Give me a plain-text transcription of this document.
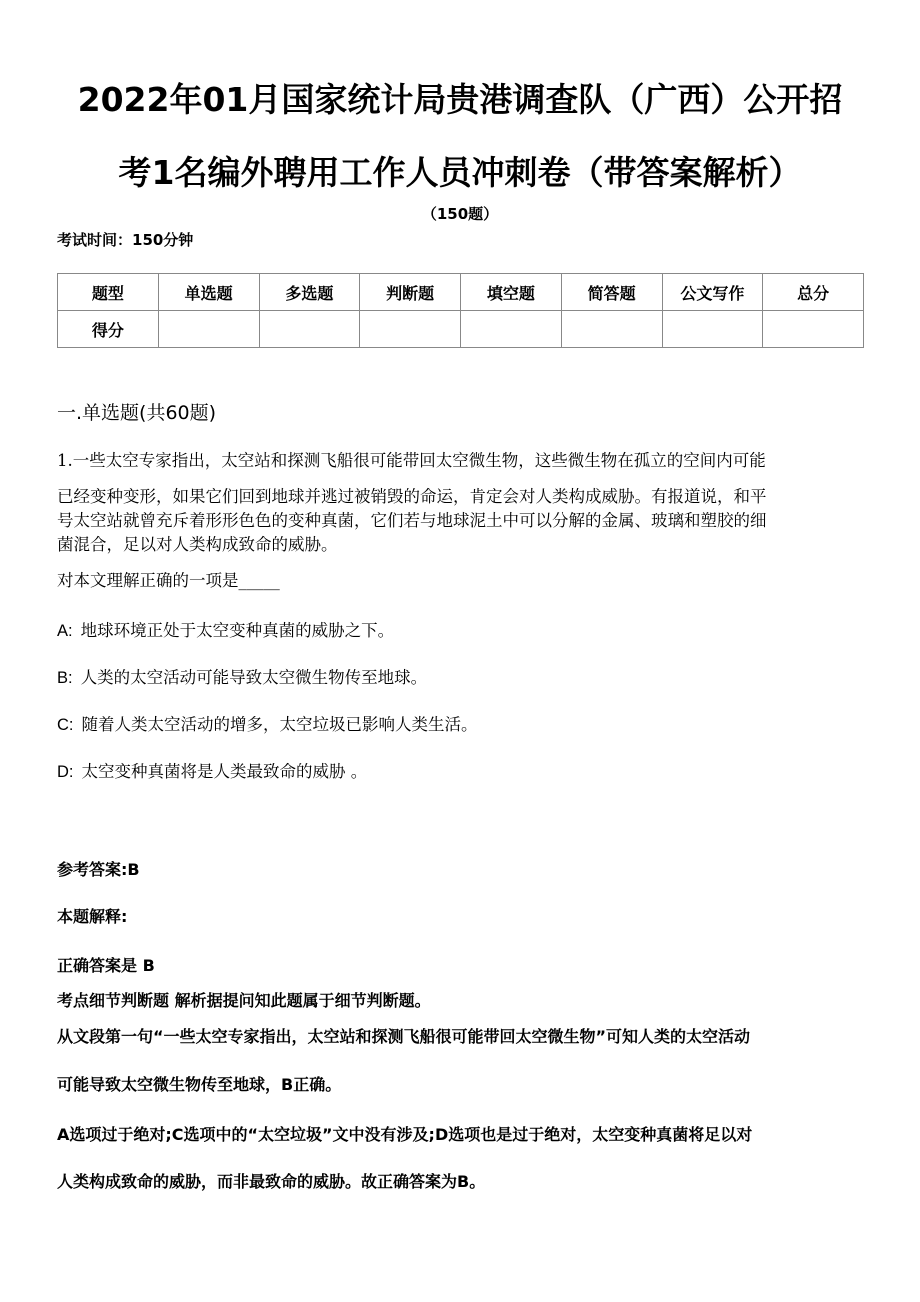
2022年01月国家统计局贵港调查队（广西）公开招
考1名编外聘用工作人员冲刺卷（带答案解析）
（150题）
考试时间：150分钟
题型	单选题	多选题	判断题	填空题	简答题	公文写作	总分
得分							
一.单选题(共60题)
1.一些太空专家指出，太空站和探测飞船很可能带回太空微生物，这些微生物在孤立的空间内可能
已经变种变形，如果它们回到地球并逃过被销毁的命运，肯定会对人类构成威胁。有报道说，和平
号太空站就曾充斥着形形色色的变种真菌，它们若与地球泥土中可以分解的金属、玻璃和塑胶的细
菌混合，足以对人类构成致命的威胁。
对本文理解正确的一项是_____
A: 地球环境正处于太空变种真菌的威胁之下。
B: 人类的太空活动可能导致太空微生物传至地球。
C: 随着人类太空活动的增多，太空垃圾已影响人类生活。
D: 太空变种真菌将是人类最致命的威胁 。
参考答案:B
本题解释:
正确答案是 B
考点细节判断题 解析据提问知此题属于细节判断题。
从文段第一句“一些太空专家指出，太空站和探测飞船很可能带回太空微生物”可知人类的太空活动
可能导致太空微生物传至地球，B正确。
A选项过于绝对;C选项中的“太空垃圾”文中没有涉及;D选项也是过于绝对，太空变种真菌将足以对
人类构成致命的威胁，而非最致命的威胁。故正确答案为B。
